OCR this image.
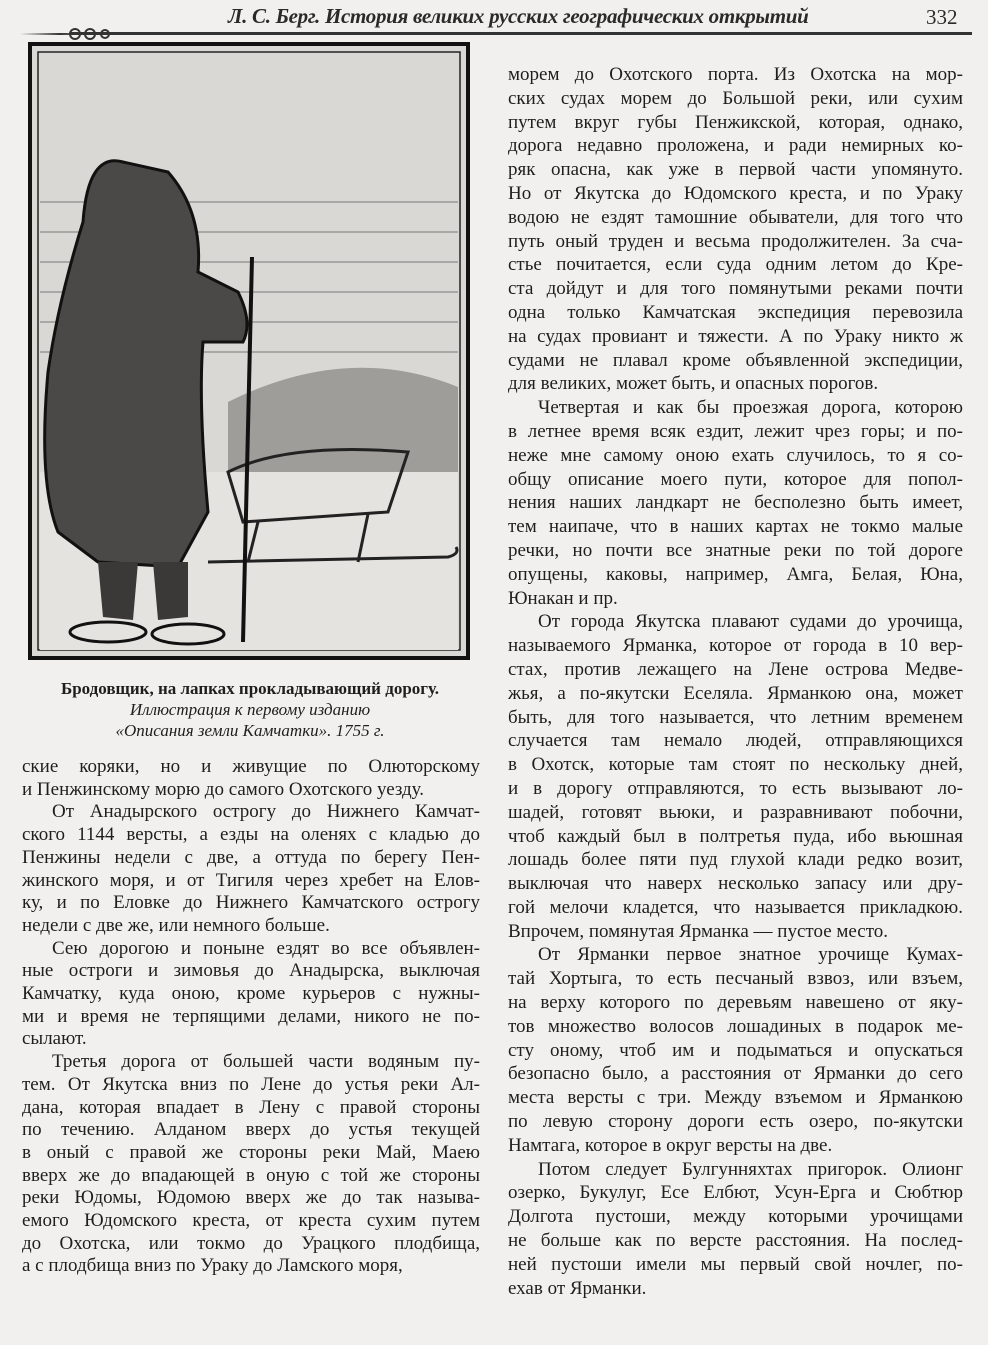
Л. С. Берг. История великих русских географических открытий	332
Бродовщик, на лапках прокладывающий дорогу.
Иллюстрация к первому изданию
«Описания земли Камчатки». 1755 г.
ские коряки, но и живущие по Олюторскому
и Пенжинскому морю до самого Охотского уезду.
От Анадырского острогу до Нижнего Камчат-
ского 1144 версты, а езды на оленях с кладью до
Пенжины недели с две, а оттуда по берегу Пен-
жинского моря, и от Тигиля через хребет на Елов-
ку, и по Еловке до Нижнего Камчатского острогу
недели с две же, или немного больше.
Сею дорогою и поныне ездят во все объявлен-
ные остроги и зимовья до Анадырска, выключая
Камчатку, куда оною, кроме курьеров с нужны-
ми и время не терпящими делами, никого не по-
сылают.
Третья дорога от большей части водяным пу-
тем. От Якутска вниз по Лене до устья реки Ал-
дана, которая впадает в Лену с правой стороны
по течению. Алданом вверх до устья текущей
в оный с правой же стороны реки Май, Маею
вверх же до впадающей в оную с той же стороны
реки Юдомы, Юдомою вверх же до так называ-
емого Юдомского креста, от креста сухим путем
до Охотска, или токмо до Урацкого плодбища,
а с плодбища вниз по Ураку до Ламского моря,
морем до Охотского порта. Из Охотска на мор-
ских судах морем до Большой реки, или сухим
путем вкруг губы Пенжикской, которая, однако,
дорога недавно проложена, и ради немирных ко-
ряк опасна, как уже в первой части упомянуто.
Но от Якутска до Юдомского креста, и по Ураку
водою не ездят тамошние обыватели, для того что
путь оный труден и весьма продолжителен. За сча-
стье почитается, если суда одним летом до Кре-
ста дойдут и для того помянутыми реками почти
одна только Камчатская экспедиция перевозила
на судах провиант и тяжести. А по Ураку никто ж
судами не плавал кроме объявленной экспедиции,
для великих, может быть, и опасных порогов.
Четвертая и как бы проезжая дорога, которою
в летнее время всяк ездит, лежит чрез горы; и по-
неже мне самому оною ехать случилось, то я со-
общу описание моего пути, которое для попол-
нения наших ландкарт не бесполезно быть имеет,
тем наипаче, что в наших картах не токмо малые
речки, но почти все знатные реки по той дороге
опущены, каковы, например, Амга, Белая, Юна,
Юнакан и пр.
От города Якутска плавают судами до урочища,
называемого Ярманка, которое от города в 10 вер-
стах, против лежащего на Лене острова Медве-
жья, а по-якутски Еселяла. Ярманкою она, может
быть, для того называется, что летним временем
случается там немало людей, отправляющихся
в Охотск, которые там стоят по нескольку дней,
и в дорогу отправляются, то есть вызывают ло-
шадей, готовят вьюки, и разравнивают побочни,
чтоб каждый был в полтретья пуда, ибо вьюшная
лошадь более пяти пуд глухой клади редко возит,
выключая что наверх несколько запасу или дру-
гой мелочи кладется, что называется прикладкою.
Впрочем, помянутая Ярманка — пустое место.
От Ярманки первое знатное урочище Кумах-
тай Хортыга, то есть песчаный взвоз, или взъем,
на верху которого по деревьям навешено от яку-
тов множество волосов лошадиных в подарок ме-
сту оному, чтоб им и подыматься и опускаться
безопасно было, а расстояния от Ярманки до сего
места версты с три. Между взъемом и Ярманкою
по левую сторону дороги есть озеро, по-якутски
Намтага, которое в округ версты на две.
Потом следует Булгунняхтах пригорок. Олионг
озерко, Букулуг, Есе Елбют, Усун-Ерга и Сюбтюр
Долгота пустоши, между которыми урочищами
не больше как по версте расстояния. На послед-
ней пустоши имели мы первый свой ночлег, по-
ехав от Ярманки.
